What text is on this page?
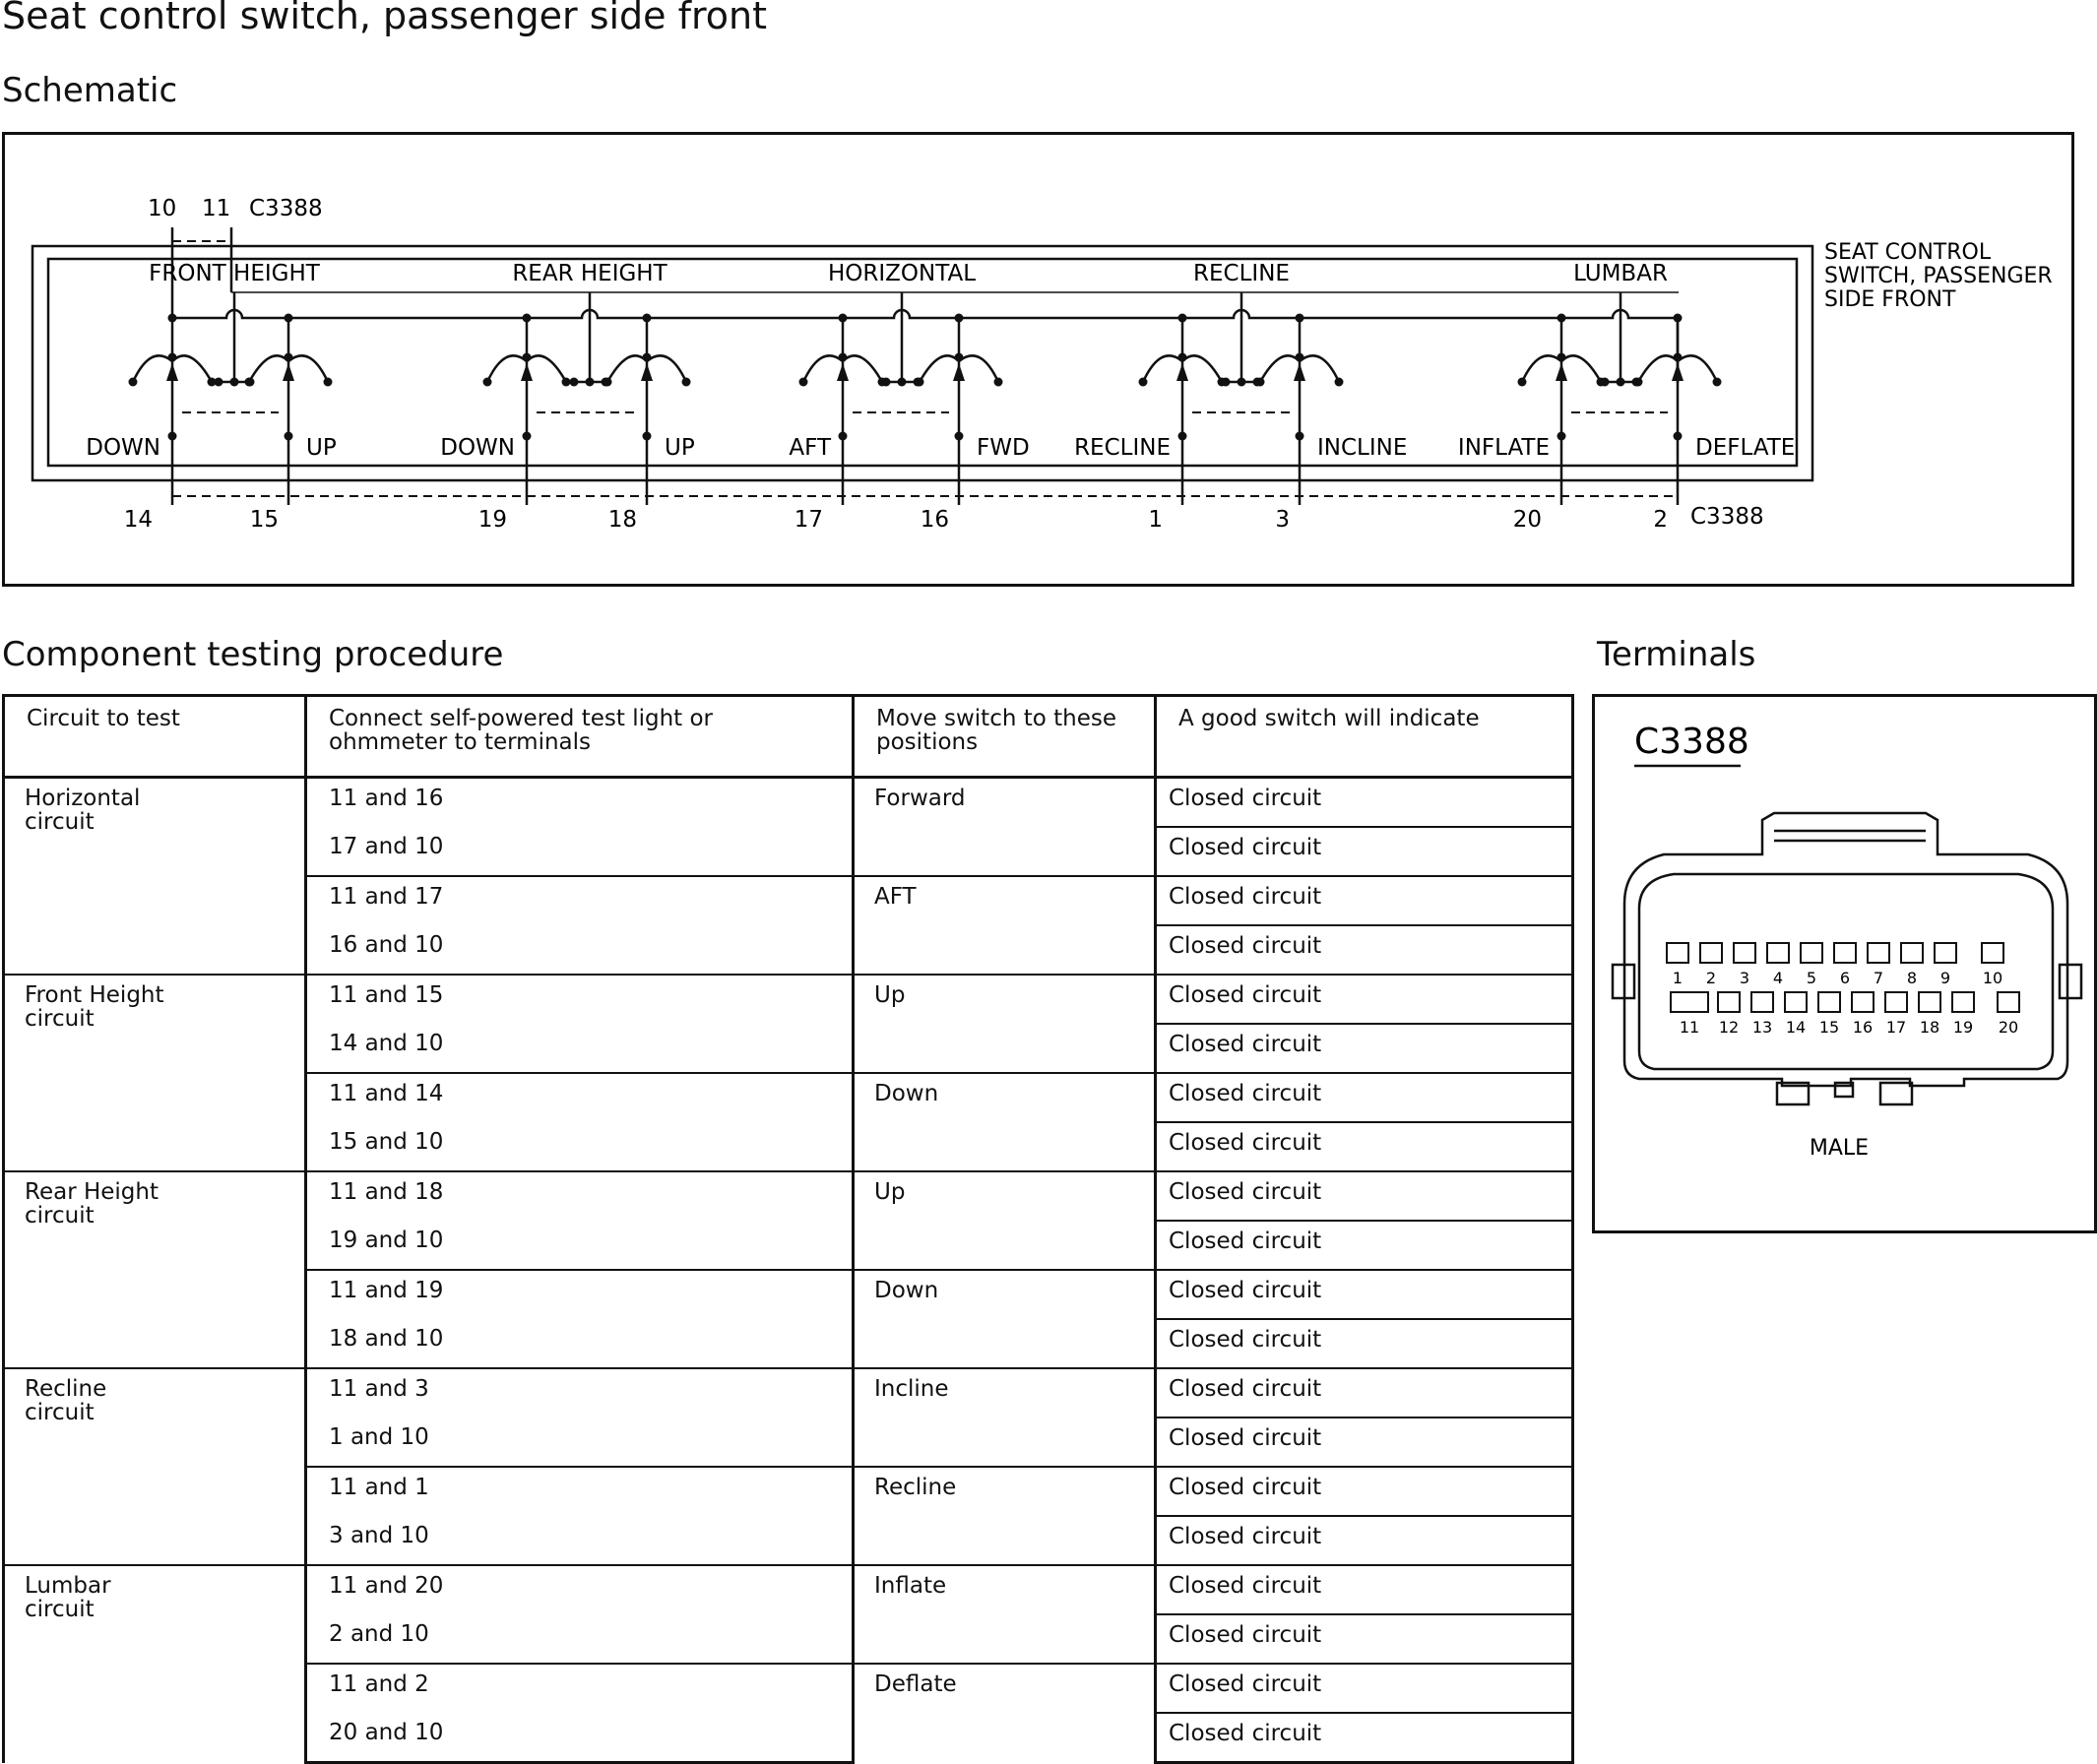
Seat control switch, passenger side front
Schematic
SEAT CONTROL
SWITCH, PASSENGER
SIDE FRONT
10 11 C3388
C3388
FRONT HEIGHT
DOWN	UP
14	15
REAR HEIGHT
DOWN	UP
19	18
HORIZONTAL
AFT	FWD
17	16
RECLINE
RECLINE	INCLINE
1	3
LUMBAR
INFLATE	DEFLATE
20	2
Component testing procedure	Terminals
Circuit to test	Connect self-powered test light or ohmmeter to terminals	Move switch to these positions	A good switch will indicate

Horizontal circuit	11 and 16	Forward	Closed circuit
	17 and 10		Closed circuit
	11 and 17	AFT	Closed circuit
	16 and 10		Closed circuit

Front Height circuit	11 and 15	Up	Closed circuit
	14 and 10		Closed circuit
	11 and 14	Down	Closed circuit
	15 and 10		Closed circuit

Rear Height circuit	11 and 18	Up	Closed circuit
	19 and 10		Closed circuit
	11 and 19	Down	Closed circuit
	18 and 10		Closed circuit

Recline circuit	11 and 3	Incline	Closed circuit
	1 and 10		Closed circuit
	11 and 1	Recline	Closed circuit
	3 and 10		Closed circuit

Lumbar circuit	11 and 20	Inflate	Closed circuit
	2 and 10		Closed circuit
	11 and 2	Deflate	Closed circuit
	20 and 10		Closed circuit
C3388
1 2 3 4 5 6 7 8 9 10
11 12 13 14 15 16 17 18 19 20
MALE
